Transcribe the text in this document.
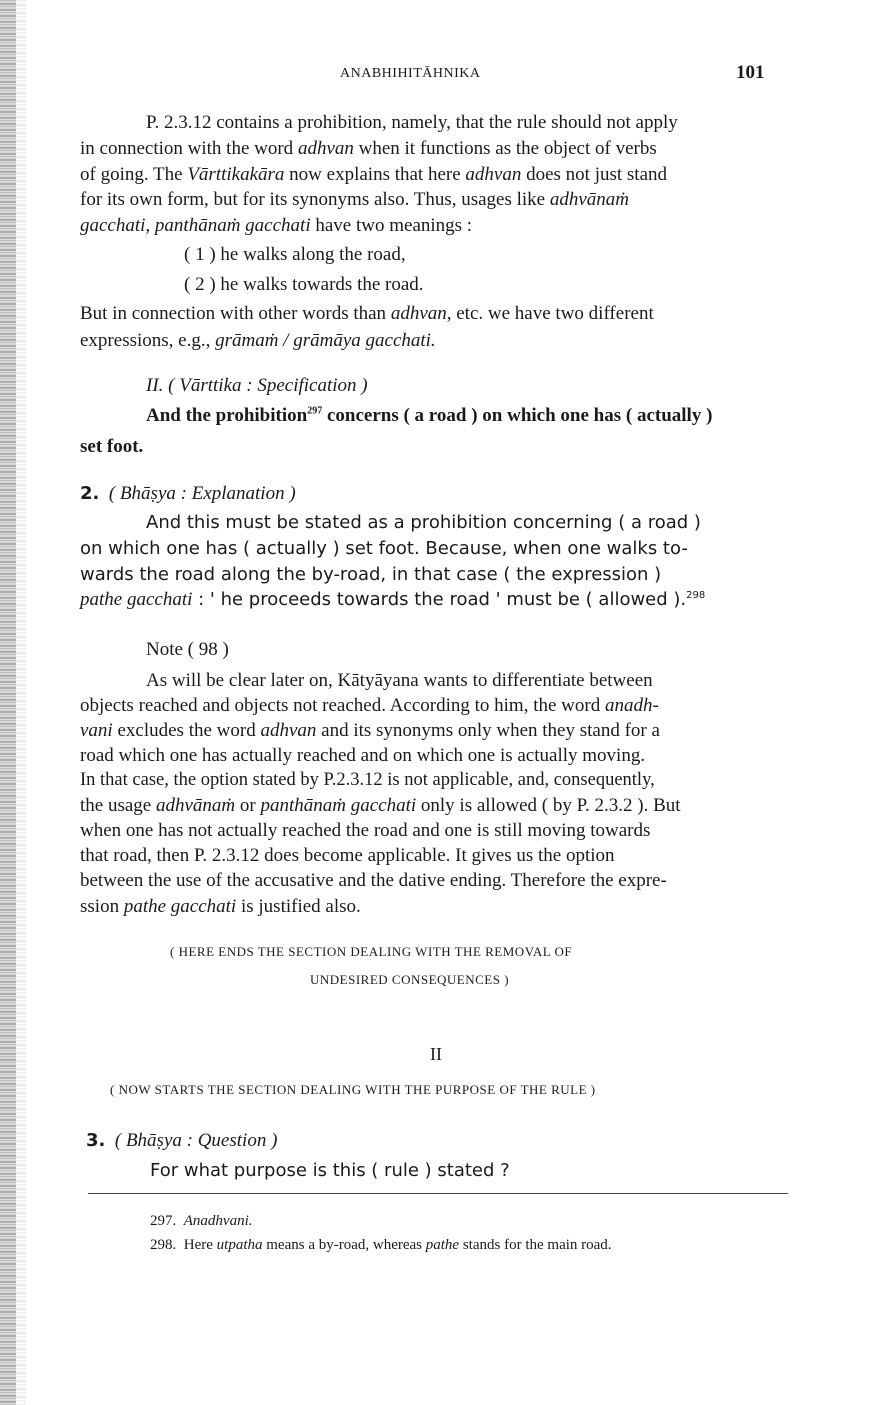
ANABHIHITĀHNIKA	101
P. 2.3.12 contains a prohibition, namely, that the rule should not apply
in connection with the word adhvan when it functions as the object of verbs
of going. The Vārttikakāra now explains that here adhvan does not just stand
for its own form, but for its synonyms also. Thus, usages like adhvānaṁ
gacchati, panthānaṁ gacchati have two meanings :
( 1 ) he walks along the road,
( 2 ) he walks towards the road.
But in connection with other words than adhvan, etc. we have two different
expressions, e.g., grāmaṁ / grāmāya gacchati.
II. ( Vārttika : Specification )
And the prohibition$^{297}$ concerns ( a road ) on which one has ( actually )
set foot.
2. ( Bhāṣya : Explanation )
And this must be stated as a prohibition concerning ( a road )
on which one has ( actually ) set foot. Because, when one walks to-
wards the road along the by-road, in that case ( the expression )
pathe gacchati : ' he proceeds towards the road ' must be ( allowed ).$^{298}$
Note ( 98 )
As will be clear later on, Kātyāyana wants to differentiate between
objects reached and objects not reached. According to him, the word anadh-
vani excludes the word adhvan and its synonyms only when they stand for a
road which one has actually reached and on which one is actually moving.
In that case, the option stated by P.2.3.12 is not applicable, and, consequently,
the usage adhvānaṁ or panthānaṁ gacchati only is allowed ( by P. 2.3.2 ). But
when one has not actually reached the road and one is still moving towards
that road, then P. 2.3.12 does become applicable. It gives us the option
between the use of the accusative and the dative ending. Therefore the expre-
ssion pathe gacchati is justified also.
( HERE ENDS THE SECTION DEALING WITH THE REMOVAL OF
UNDESIRED CONSEQUENCES )
II
( NOW STARTS THE SECTION DEALING WITH THE PURPOSE OF THE RULE )
3. ( Bhāṣya : Question )
For what purpose is this ( rule ) stated ?
297. Anadhvani.
298. Here utpatha means a by-road, whereas pathe stands for the main road.
